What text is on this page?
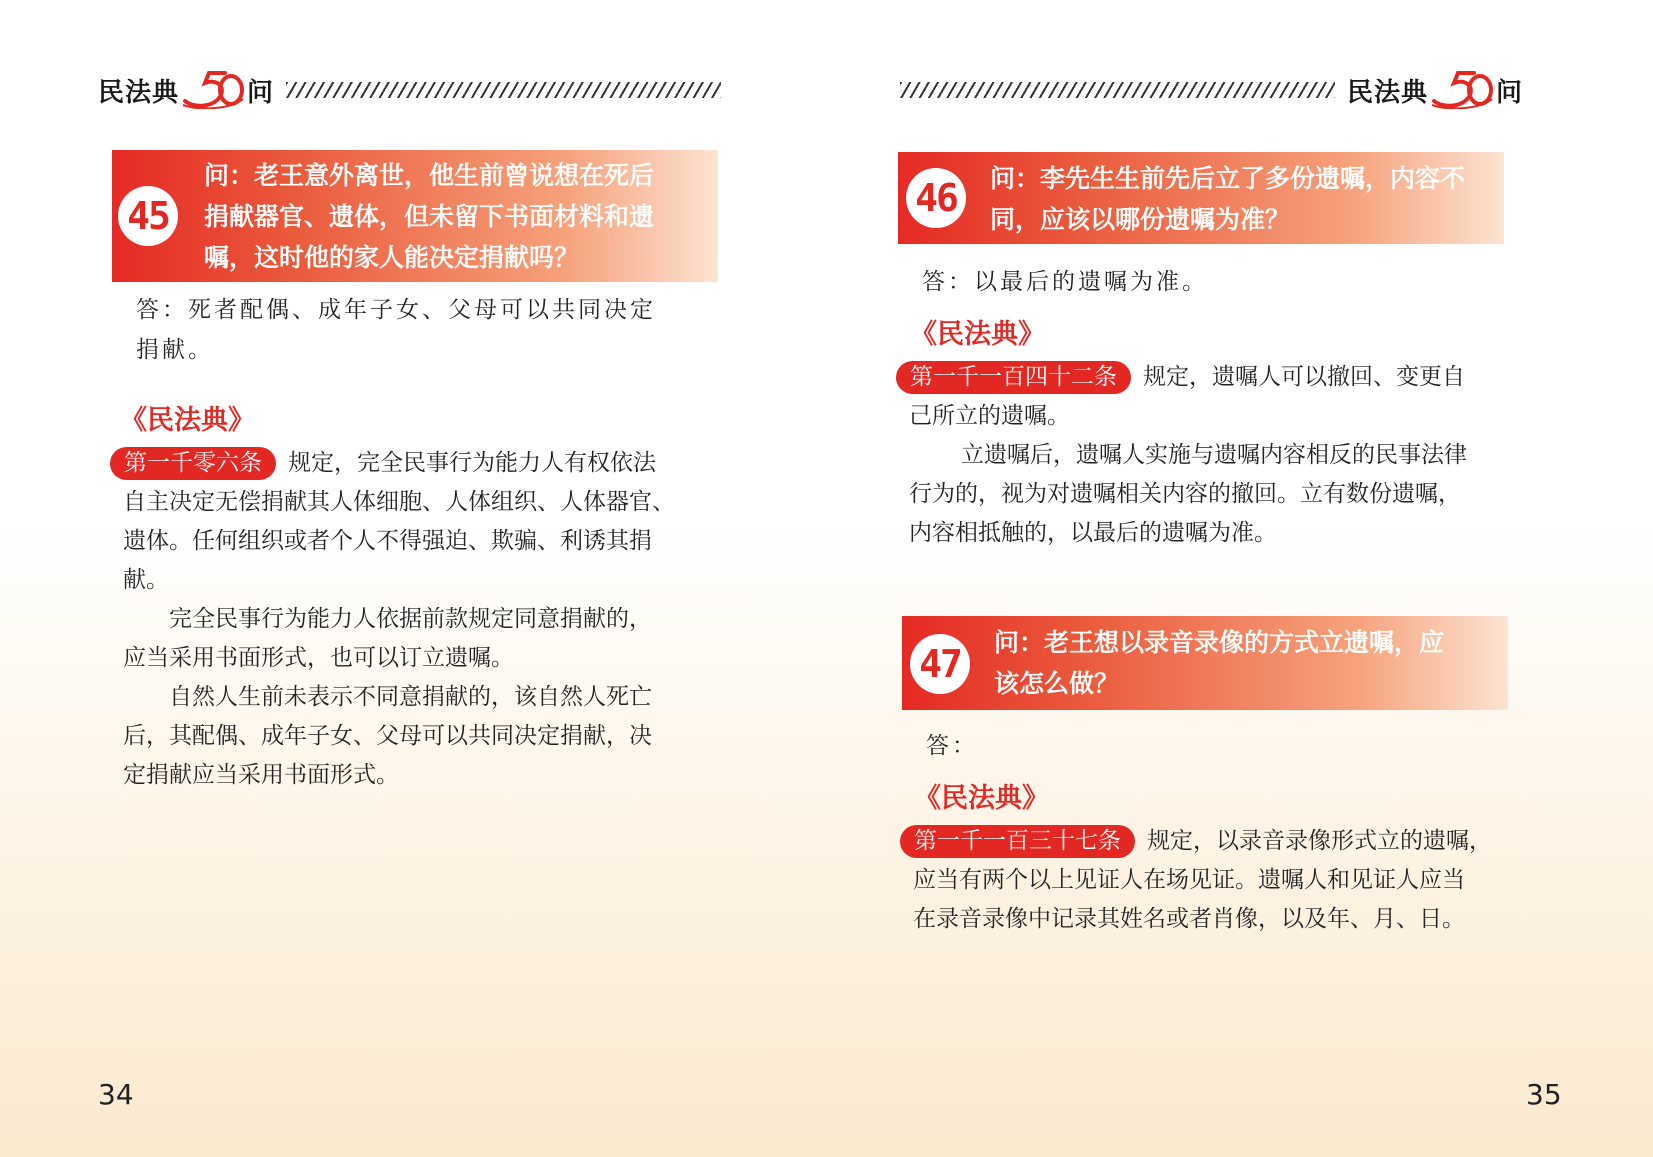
民法典	问
45
问：老王意外离世，他生前曾说想在死后
捐献器官、遗体，但未留下书面材料和遗
嘱，这时他的家人能决定捐献吗？
答：死者配偶、成年子女、父母可以共同决定
捐献。
《民法典》

第一千零六条 规定，完全民事行为能力人有权依法

自主决定无偿捐献其人体细胞、人体组织、人体器官、

遗体。任何组织或者个人不得强迫、欺骗、利诱其捐

献。

完全民事行为能力人依据前款规定同意捐献的，

应当采用书面形式，也可以订立遗嘱。

自然人生前未表示不同意捐献的，该自然人死亡

后，其配偶、成年子女、父母可以共同决定捐献，决

定捐献应当采用书面形式。

34
民法典	问
46	问：李先生生前先后立了多份遗嘱，内容不
同，应该以哪份遗嘱为准？
答：以最后的遗嘱为准。
《民法典》

第一千一百四十二条 规定，遗嘱人可以撤回、变更自

己所立的遗嘱。

立遗嘱后，遗嘱人实施与遗嘱内容相反的民事法律

行为的，视为对遗嘱相关内容的撤回。立有数份遗嘱，

内容相抵触的，以最后的遗嘱为准。

47	问：老王想以录音录像的方式立遗嘱，应
该怎么做？
答：
《民法典》

第一千一百三十七条 规定，以录音录像形式立的遗嘱，

应当有两个以上见证人在场见证。遗嘱人和见证人应当

在录音录像中记录其姓名或者肖像，以及年、月、日。

35
